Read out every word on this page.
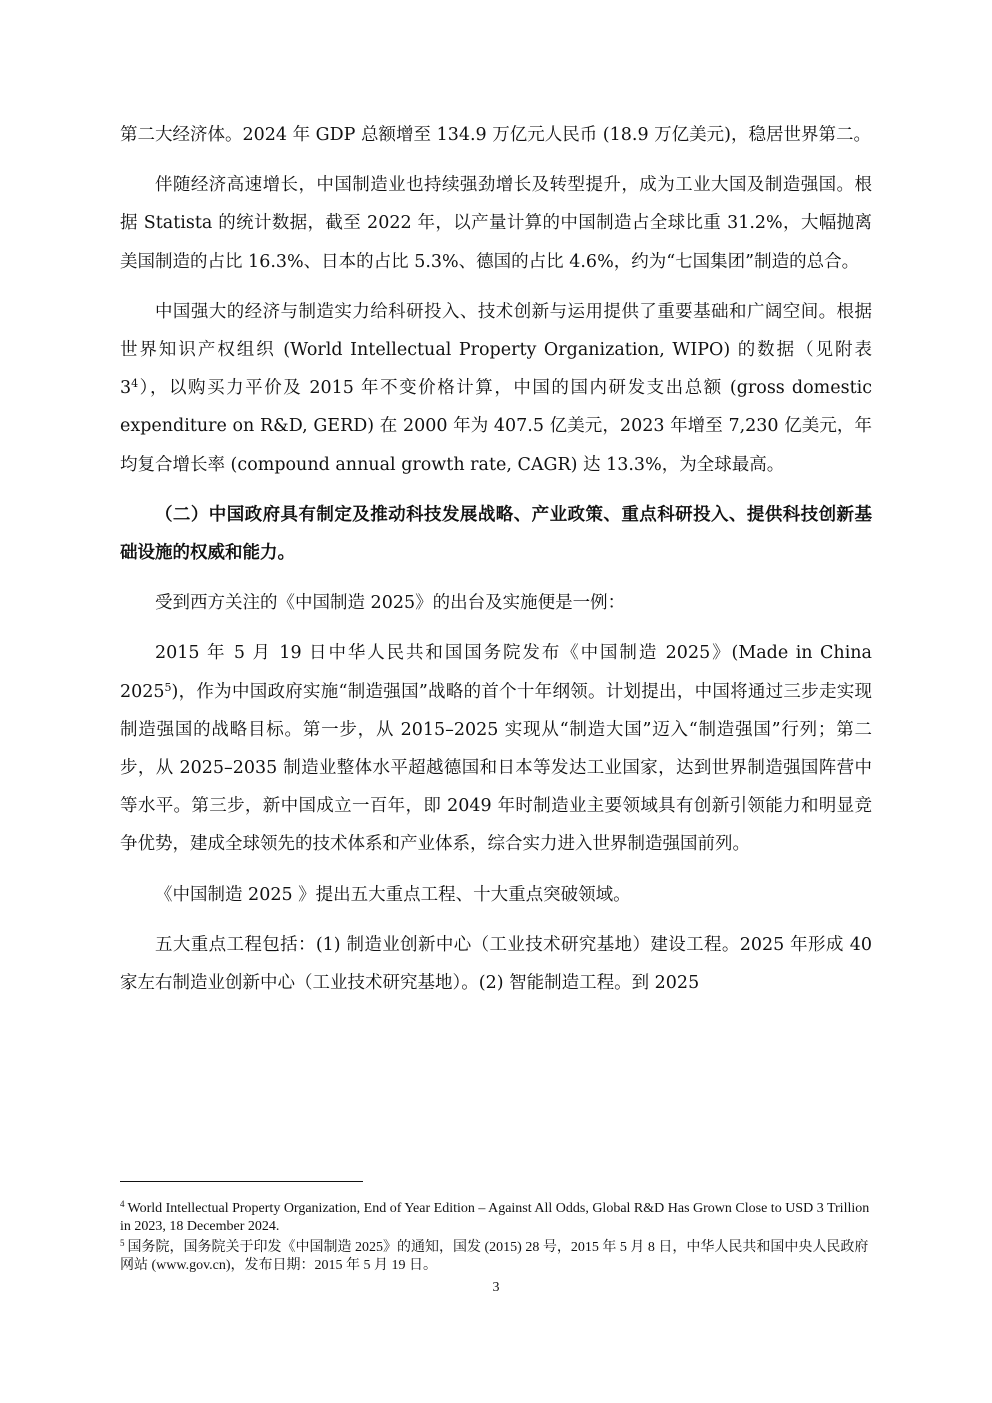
第二大经济体。2024 年 GDP 总额增至 134.9 万亿元人民币 (18.9 万亿美元)，稳居世界第二。

伴随经济高速增长，中国制造业也持续强劲增长及转型提升，成为工业大国及制造强国。根据 Statista 的统计数据，截至 2022 年，以产量计算的中国制造占全球比重 31.2%，大幅抛离美国制造的占比 16.3%、日本的占比 5.3%、德国的占比 4.6%，约为“七国集团”制造的总合。

中国强大的经济与制造实力给科研投入、技术创新与运用提供了重要基础和广阔空间。根据世界知识产权组织 (World Intellectual Property Organization, WIPO) 的数据（见附表 $3^4$），以购买力平价及 2015 年不变价格计算，中国的国内研发支出总额 (gross domestic expenditure on R&D, GERD) 在 2000 年为 407.5 亿美元，2023 年增至 7,230 亿美元，年均复合增长率 (compound annual growth rate, CAGR) 达 13.3%，为全球最高。

（二）中国政府具有制定及推动科技发展战略、产业政策、重点科研投入、提供科技创新基础设施的权威和能力。

受到西方关注的《中国制造 2025》的出台及实施便是一例：

2015 年 5 月 19 日中华人民共和国国务院发布《中国制造 2025》(Made in China 2025$^5$)，作为中国政府实施“制造强国”战略的首个十年纲领。计划提出，中国将通过三步走实现制造强国的战略目标。第一步，从 2015–2025 实现从“制造大国”迈入“制造强国”行列；第二步，从 2025–2035 制造业整体水平超越德国和日本等发达工业国家，达到世界制造强国阵营中等水平。第三步，新中国成立一百年，即 2049 年时制造业主要领域具有创新引领能力和明显竞争优势，建成全球领先的技术体系和产业体系，综合实力进入世界制造强国前列。

《中国制造 2025 》提出五大重点工程、十大重点突破领域。

五大重点工程包括：(1) 制造业创新中心（工业技术研究基地）建设工程。2025 年形成 40 家左右制造业创新中心（工业技术研究基地）。(2) 智能制造工程。到 2025

$^4$ World Intellectual Property Organization, End of Year Edition – Against All Odds, Global R&D Has Grown Close to USD 3 Trillion in 2023, 18 December 2024.

$^5$ 国务院，国务院关于印发《中国制造 2025》的通知，国发 (2015) 28 号，2015 年 5 月 8 日，中华人民共和国中央人民政府网站 (www.gov.cn)，发布日期：2015 年 5 月 19 日。

3
